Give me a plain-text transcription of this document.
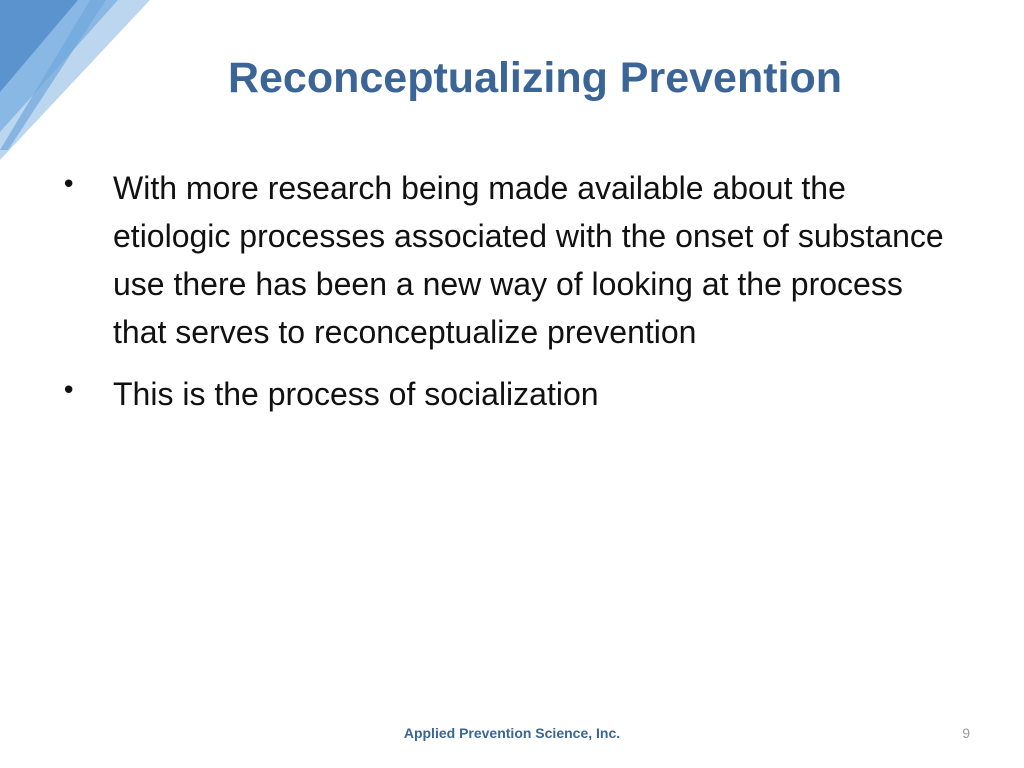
Reconceptualizing Prevention
• With more research being made available about the etiologic processes associated with the onset of substance use there has been a new way of looking at the process that serves to reconceptualize prevention
• This is the process of socialization
Applied Prevention Science, Inc.	9
